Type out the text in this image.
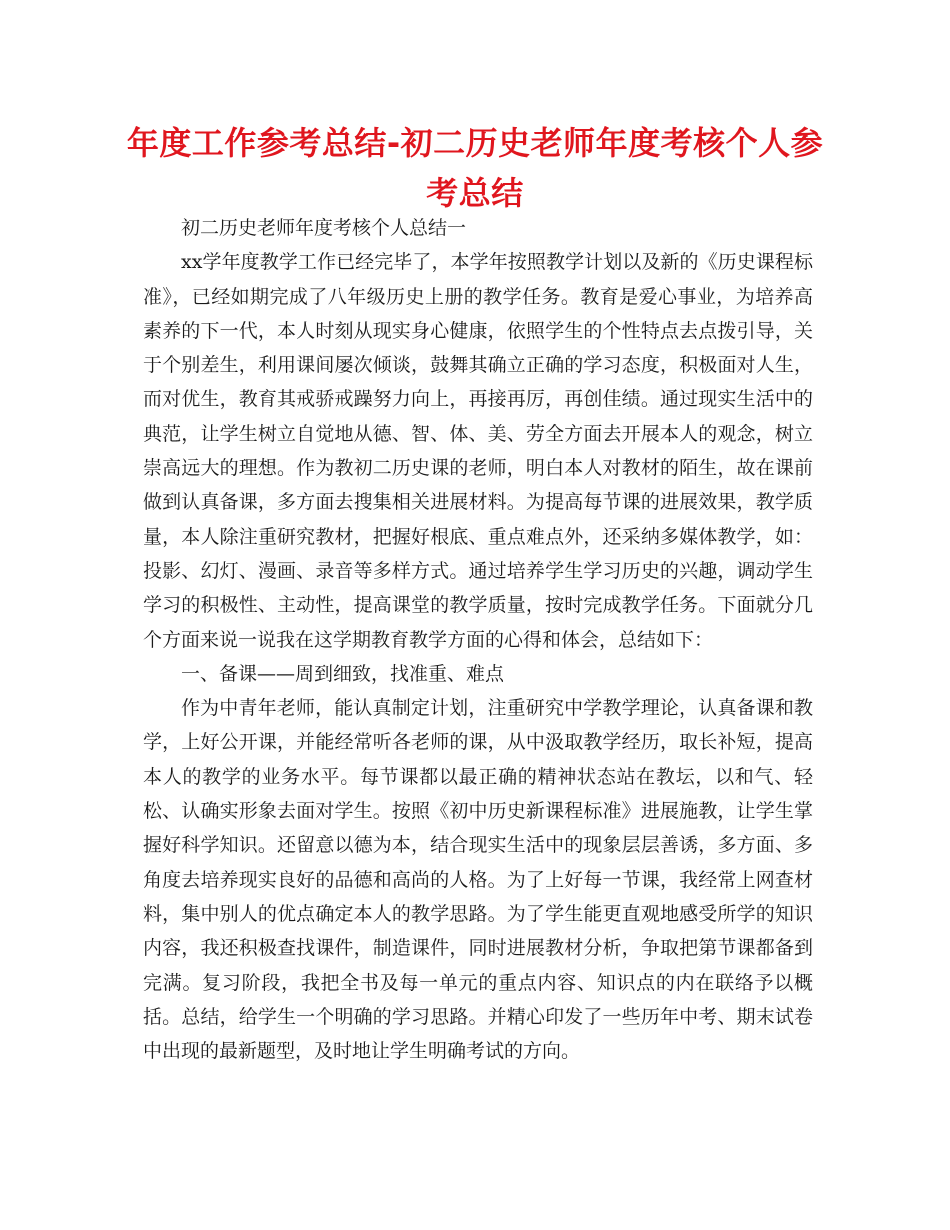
年度工作参考总结-初二历史老师年度考核个人参考总结

初二历史老师年度考核个人总结一

xx学年度教学工作已经完毕了，本学年按照教学计划以及新的《历史课程标准》，已经如期完成了八年级历史上册的教学任务。教育是爱心事业，为培养高素养的下一代，本人时刻从现实身心健康，依照学生的个性特点去点拨引导，关于个别差生，利用课间屡次倾谈，鼓舞其确立正确的学习态度，积极面对人生，而对优生，教育其戒骄戒躁努力向上，再接再厉，再创佳绩。通过现实生活中的典范，让学生树立自觉地从德、智、体、美、劳全方面去开展本人的观念，树立崇高远大的理想。作为教初二历史课的老师，明白本人对教材的陌生，故在课前做到认真备课，多方面去搜集相关进展材料。为提高每节课的进展效果，教学质量，本人除注重研究教材，把握好根底、重点难点外，还采纳多媒体教学，如：投影、幻灯、漫画、录音等多样方式。通过培养学生学习历史的兴趣，调动学生学习的积极性、主动性，提高课堂的教学质量，按时完成教学任务。下面就分几个方面来说一说我在这学期教育教学方面的心得和体会，总结如下：

一、备课——周到细致，找准重、难点

作为中青年老师，能认真制定计划，注重研究中学教学理论，认真备课和教学，上好公开课，并能经常听各老师的课，从中汲取教学经历，取长补短，提高本人的教学的业务水平。每节课都以最正确的精神状态站在教坛，以和气、轻松、认确实形象去面对学生。按照《初中历史新课程标准》进展施教，让学生掌握好科学知识。还留意以德为本，结合现实生活中的现象层层善诱，多方面、多角度去培养现实良好的品德和高尚的人格。为了上好每一节课，我经常上网查材料，集中别人的优点确定本人的教学思路。为了学生能更直观地感受所学的知识内容，我还积极查找课件，制造课件，同时进展教材分析，争取把第节课都备到完满。复习阶段，我把全书及每一单元的重点内容、知识点的内在联络予以概括。总结，给学生一个明确的学习思路。并精心印发了一些历年中考、期末试卷中出现的最新题型，及时地让学生明确考试的方向。
